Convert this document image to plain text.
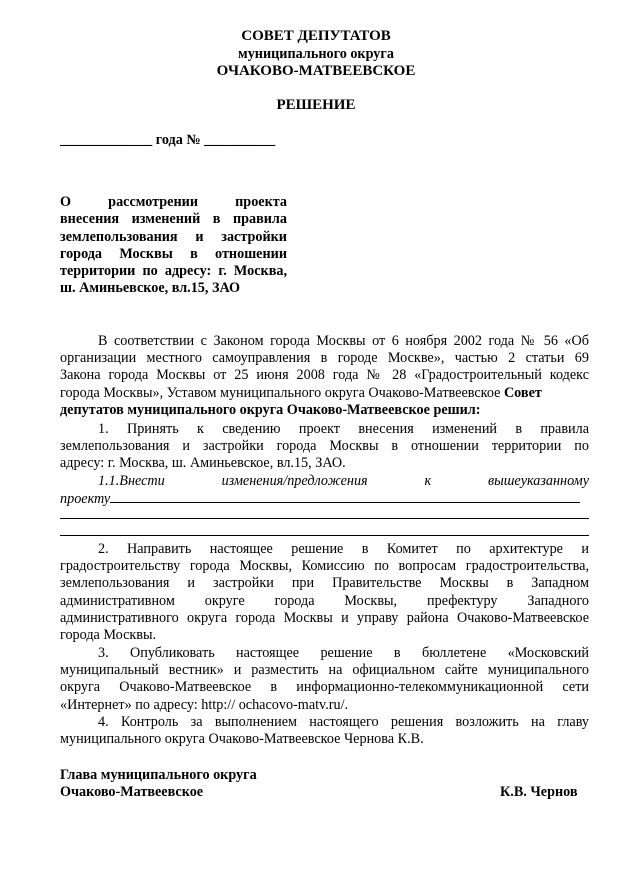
СОВЕТ ДЕПУТАТОВ
муниципального округа
ОЧАКОВО-МАТВЕЕВСКОЕ
РЕШЕНИЕ
_____________ года № __________
О рассмотрении проекта
внесения изменений в правила
землепользования и застройки
города Москвы в отношении
территории по адресу: г. Москва,
ш. Аминьевское, вл.15, ЗАО
В соответствии с Законом города Москвы от 6 ноября 2002 года № 56 «Об
организации местного самоуправления в городе Москве», частью 2 статьи 69
Закона города Москвы от 25 июня 2008 года № 28 «Градостроительный кодекс
города Москвы», Уставом муниципального округа Очаково-Матвеевское Совет
депутатов муниципального округа Очаково-Матвеевское решил:
1. Принять к сведению проект внесения изменений в правила
землепользования и застройки города Москвы в отношении территории по
адресу: г. Москва, ш. Аминьевское, вл.15, ЗАО.
1.1.Внести изменения/предложения к вышеуказанному
проекту
2. Направить настоящее решение в Комитет по архитектуре и
градостроительству города Москвы, Комиссию по вопросам градостроительства,
землепользования и застройки при Правительстве Москвы в Западном
административном округе города Москвы, префектуру Западного
административного округа города Москвы и управу района Очаково-Матвеевское
города Москвы.
3. Опубликовать настоящее решение в бюллетене «Московский
муниципальный вестник» и разместить на официальном сайте муниципального
округа Очаково-Матвеевское в информационно-телекоммуникационной сети
«Интернет» по адресу: http:// ochacovo-matv.ru/.
4. Контроль за выполнением настоящего решения возложить на главу
муниципального округа Очаково-Матвеевское Чернова К.В.
Глава муниципального округа
Очаково-Матвеевское	К.В. Чернов
